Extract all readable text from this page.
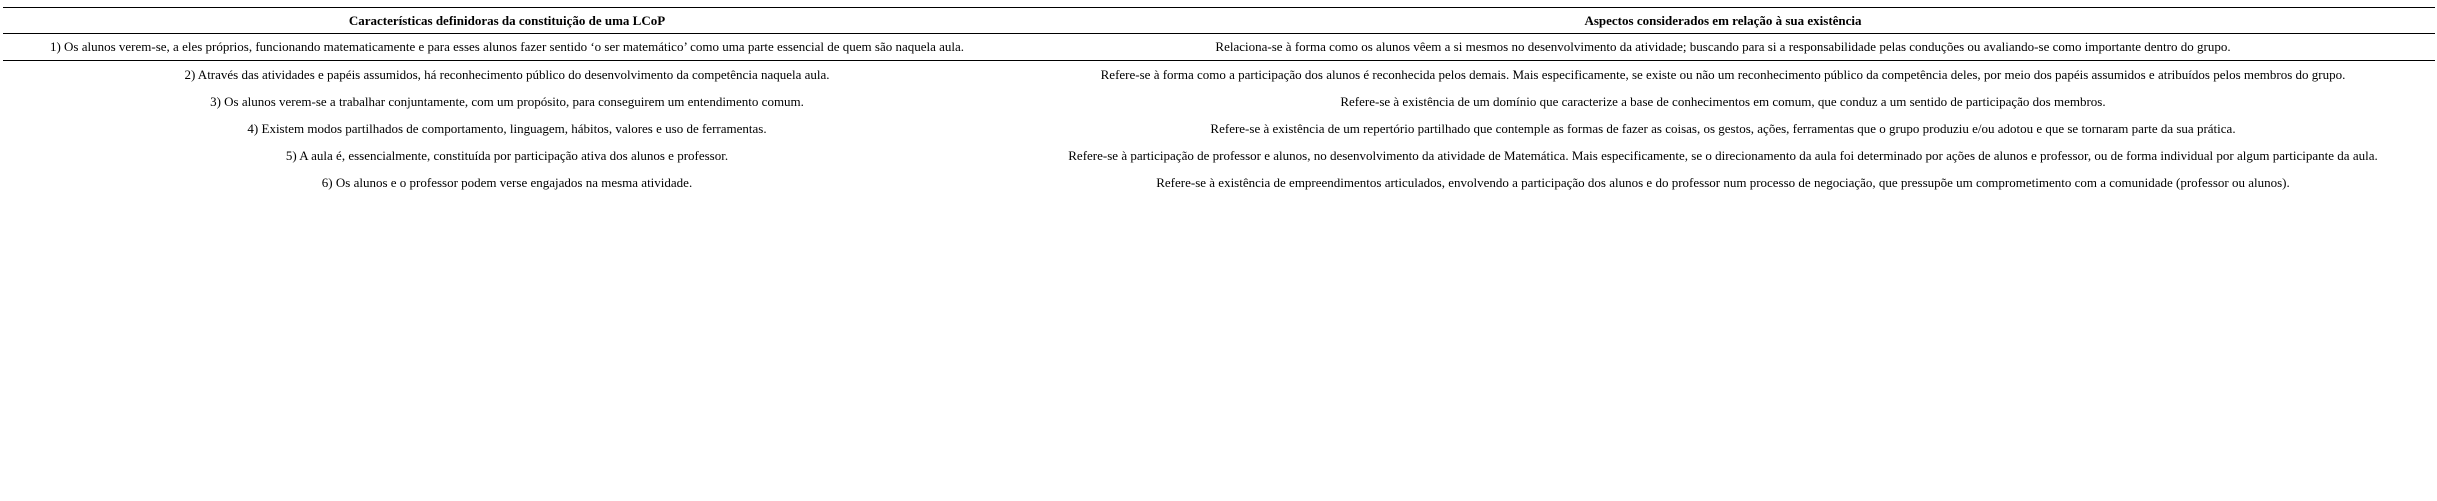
Características definidoras da constituição de uma LCoP	Aspectos considerados em relação à sua existência
1) Os alunos verem-se, a eles próprios, funcionando matematicamente e para esses alunos fazer sentido ‘o ser matemático’ como uma parte essencial de quem são naquela aula.	Relaciona-se à forma como os alunos vêem a si mesmos no desenvolvimento da atividade; buscando para si a responsabilidade pelas conduções ou avaliando-se como importante dentro do grupo.
2) Através das atividades e papéis assumidos, há reconhecimento público do desenvolvimento da competência naquela aula.	Refere-se à forma como a participação dos alunos é reconhecida pelos demais. Mais especificamente, se existe ou não um reconhecimento público da competência deles, por meio dos papéis assumidos e atribuídos pelos membros do grupo.
3) Os alunos verem-se a trabalhar conjuntamente, com um propósito, para conseguirem um entendimento comum.	Refere-se à existência de um domínio que caracterize a base de conhecimentos em comum, que conduz a um sentido de participação dos membros.
4) Existem modos partilhados de comportamento, linguagem, hábitos, valores e uso de ferramentas.	Refere-se à existência de um repertório partilhado que contemple as formas de fazer as coisas, os gestos, ações, ferramentas que o grupo produziu e/ou adotou e que se tornaram parte da sua prática.
5) A aula é, essencialmente, constituída por participação ativa dos alunos e professor.	Refere-se à participação de professor e alunos, no desenvolvimento da atividade de Matemática. Mais especificamente, se o direcionamento da aula foi determinado por ações de alunos e professor, ou de forma individual por algum participante da aula.
6) Os alunos e o professor podem verse engajados na mesma atividade.	Refere-se à existência de empreendimentos articulados, envolvendo a participação dos alunos e do professor num processo de negociação, que pressupõe um comprometimento com a comunidade (professor ou alunos).
